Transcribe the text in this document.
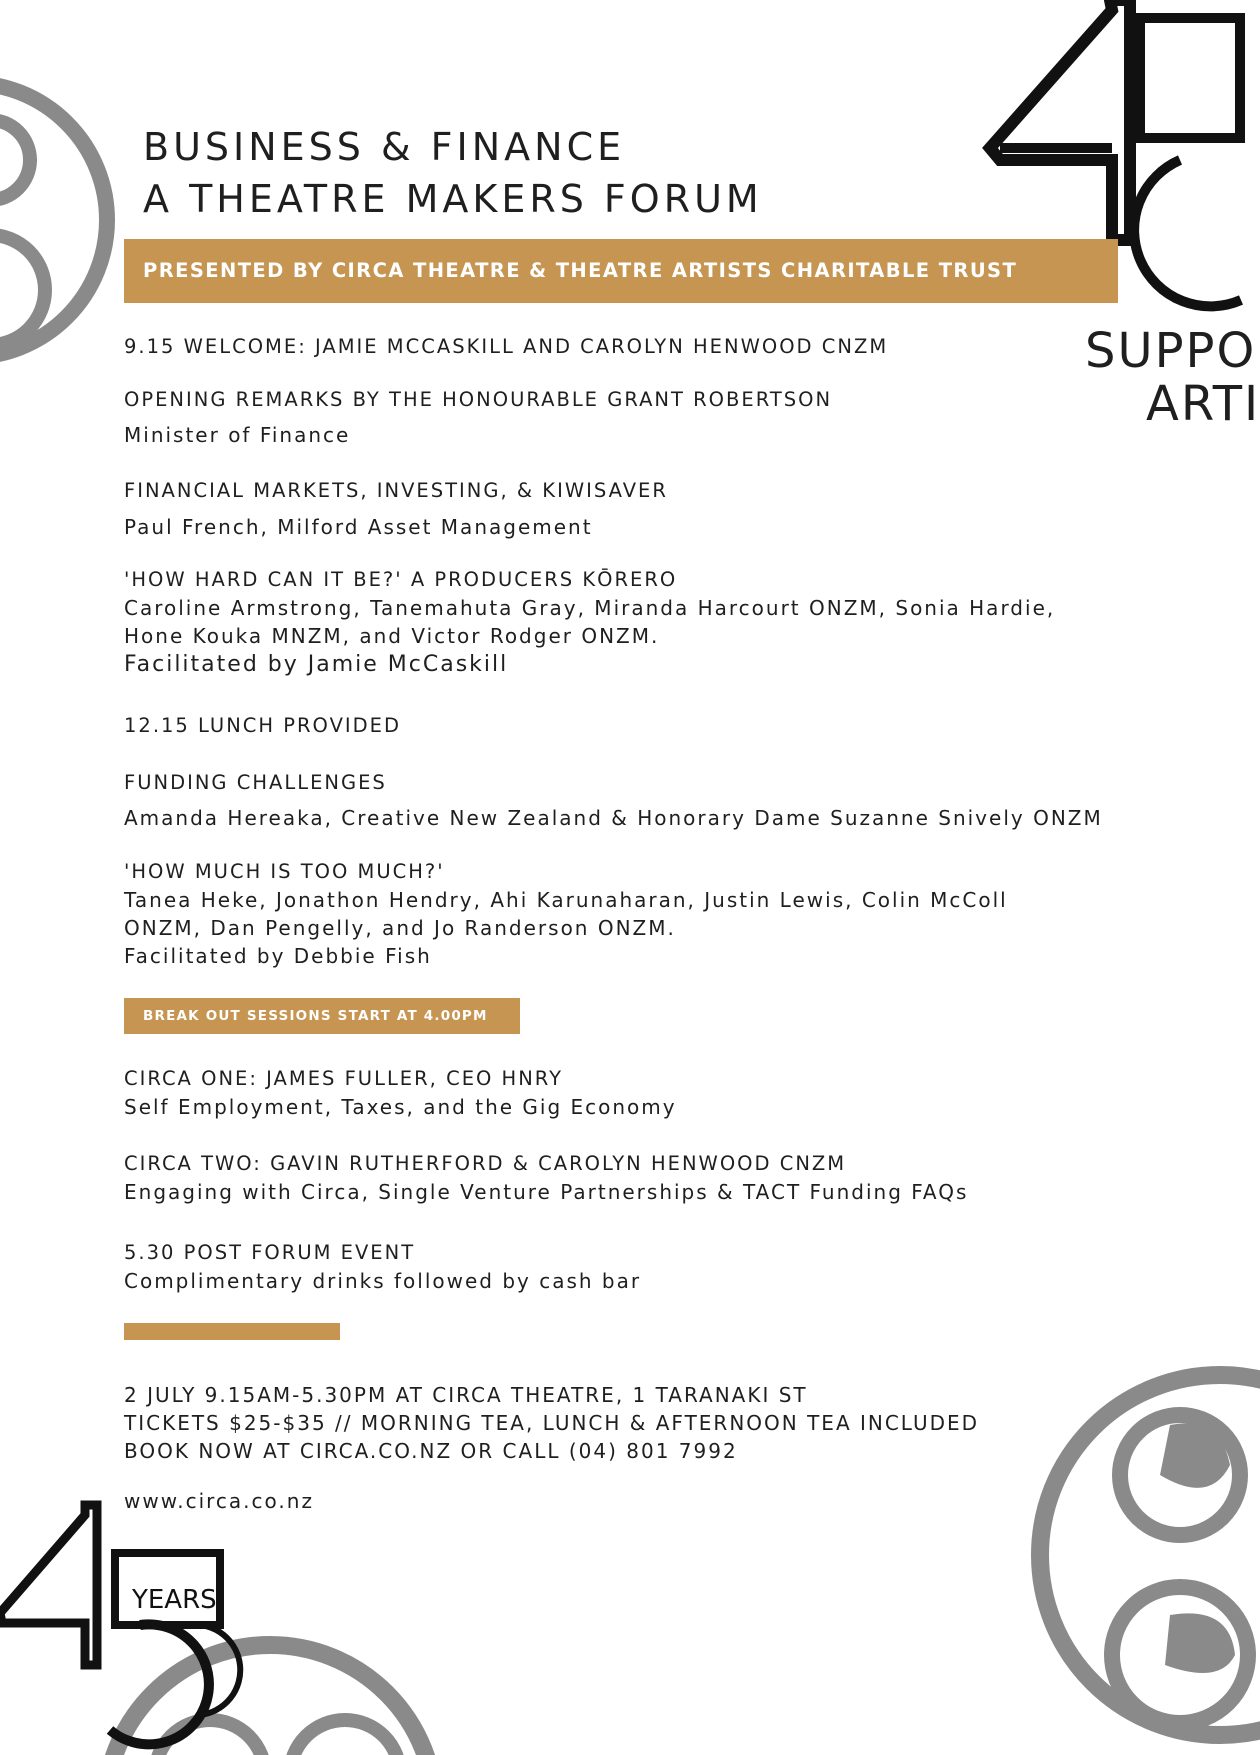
SUPPO
ARTI
YEARS
BUSINESS & FINANCE
A THEATRE MAKERS FORUM
PRESENTED BY CIRCA THEATRE & THEATRE ARTISTS CHARITABLE TRUST
9.15 WELCOME: JAMIE MCCASKILL AND CAROLYN HENWOOD CNZM
OPENING REMARKS BY THE HONOURABLE GRANT ROBERTSON
Minister of Finance
FINANCIAL MARKETS, INVESTING, & KIWISAVER
Paul French, Milford Asset Management
'HOW HARD CAN IT BE?' A PRODUCERS KŌRERO
Caroline Armstrong, Tanemahuta Gray, Miranda Harcourt ONZM, Sonia Hardie,
Hone Kouka MNZM, and Victor Rodger ONZM.
Facilitated by Jamie McCaskill
12.15 LUNCH PROVIDED
FUNDING CHALLENGES
Amanda Hereaka, Creative New Zealand & Honorary Dame Suzanne Snively ONZM
'HOW MUCH IS TOO MUCH?'
Tanea Heke, Jonathon Hendry, Ahi Karunaharan, Justin Lewis, Colin McColl
ONZM, Dan Pengelly, and Jo Randerson ONZM.
Facilitated by Debbie Fish
BREAK OUT SESSIONS START AT 4.00PM
CIRCA ONE: JAMES FULLER, CEO HNRY
Self Employment, Taxes, and the Gig Economy
CIRCA TWO: GAVIN RUTHERFORD & CAROLYN HENWOOD CNZM
Engaging with Circa, Single Venture Partnerships & TACT Funding FAQs
5.30 POST FORUM EVENT
Complimentary drinks followed by cash bar
2 JULY 9.15AM-5.30PM AT CIRCA THEATRE, 1 TARANAKI ST
TICKETS $25-$35 // MORNING TEA, LUNCH & AFTERNOON TEA INCLUDED
BOOK NOW AT CIRCA.CO.NZ OR CALL (04) 801 7992
www.circa.co.nz
